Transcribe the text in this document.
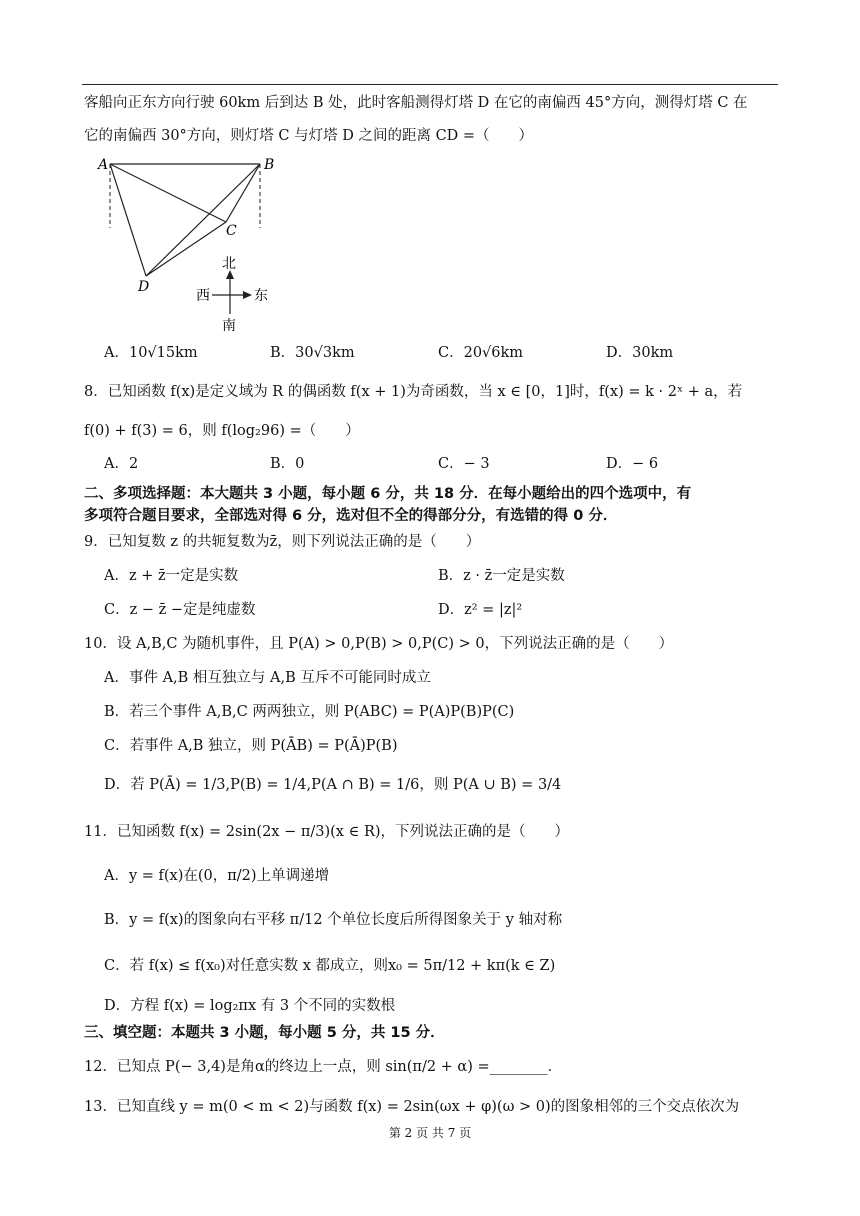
客船向正东方向行驶 60km 后到达 B 处，此时客船测得灯塔 D 在它的南偏西 45°方向，测得灯塔 C 在
它的南偏西 30°方向，则灯塔 C 与灯塔 D 之间的距离 CD =（　　）
A	B
C
D
北
南
西	东
A．10√15km	B．30√3km	C．20√6km	D．30km
8．已知函数 f(x)是定义域为 R 的偶函数 f(x + 1)为奇函数，当 x ∈ [0，1]时，f(x) = k · 2ˣ + a，若
f(0) + f(3) = 6，则 f(log₂96) =（　　）
A．2	B．0	C．− 3	D．− 6
二、多项选择题：本大题共 3 小题，每小题 6 分，共 18 分．在每小题给出的四个选项中，有
多项符合题目要求，全部选对得 6 分，选对但不全的得部分分，有选错的得 0 分．
9．已知复数 z 的共轭复数为z̄，则下列说法正确的是（　　）
A．z + z̄一定是实数	B．z · z̄一定是实数
C．z − z̄ −定是纯虚数	D．z² = |z|²
10．设 A,B,C 为随机事件，且 P(A) > 0,P(B) > 0,P(C) > 0，下列说法正确的是（　　）
A．事件 A,B 相互独立与 A,B 互斥不可能同时成立
B．若三个事件 A,B,C 两两独立，则 P(ABC) = P(A)P(B)P(C)
C．若事件 A,B 独立，则 P(ĀB) = P(Ā)P(B)
D．若 P(Ā) = 1/3,P(B) = 1/4,P(A ∩ B) = 1/6，则 P(A ∪ B) = 3/4
11．已知函数 f(x) = 2sin(2x − π/3)(x ∈ R)，下列说法正确的是（　　）
A．y = f(x)在(0，π/2)上单调递增
B．y = f(x)的图象向右平移 π/12 个单位长度后所得图象关于 y 轴对称
C．若 f(x) ≤ f(x₀)对任意实数 x 都成立，则x₀ = 5π/12 + kπ(k ∈ Z)
D．方程 f(x) = log₂πx 有 3 个不同的实数根
三、填空题：本题共 3 小题，每小题 5 分，共 15 分．
12．已知点 P(− 3,4)是角α的终边上一点，则 sin(π/2 + α) =________．
13．已知直线 y = m(0 < m < 2)与函数 f(x) = 2sin(ωx + φ)(ω > 0)的图象相邻的三个交点依次为
第 2 页 共 7 页
